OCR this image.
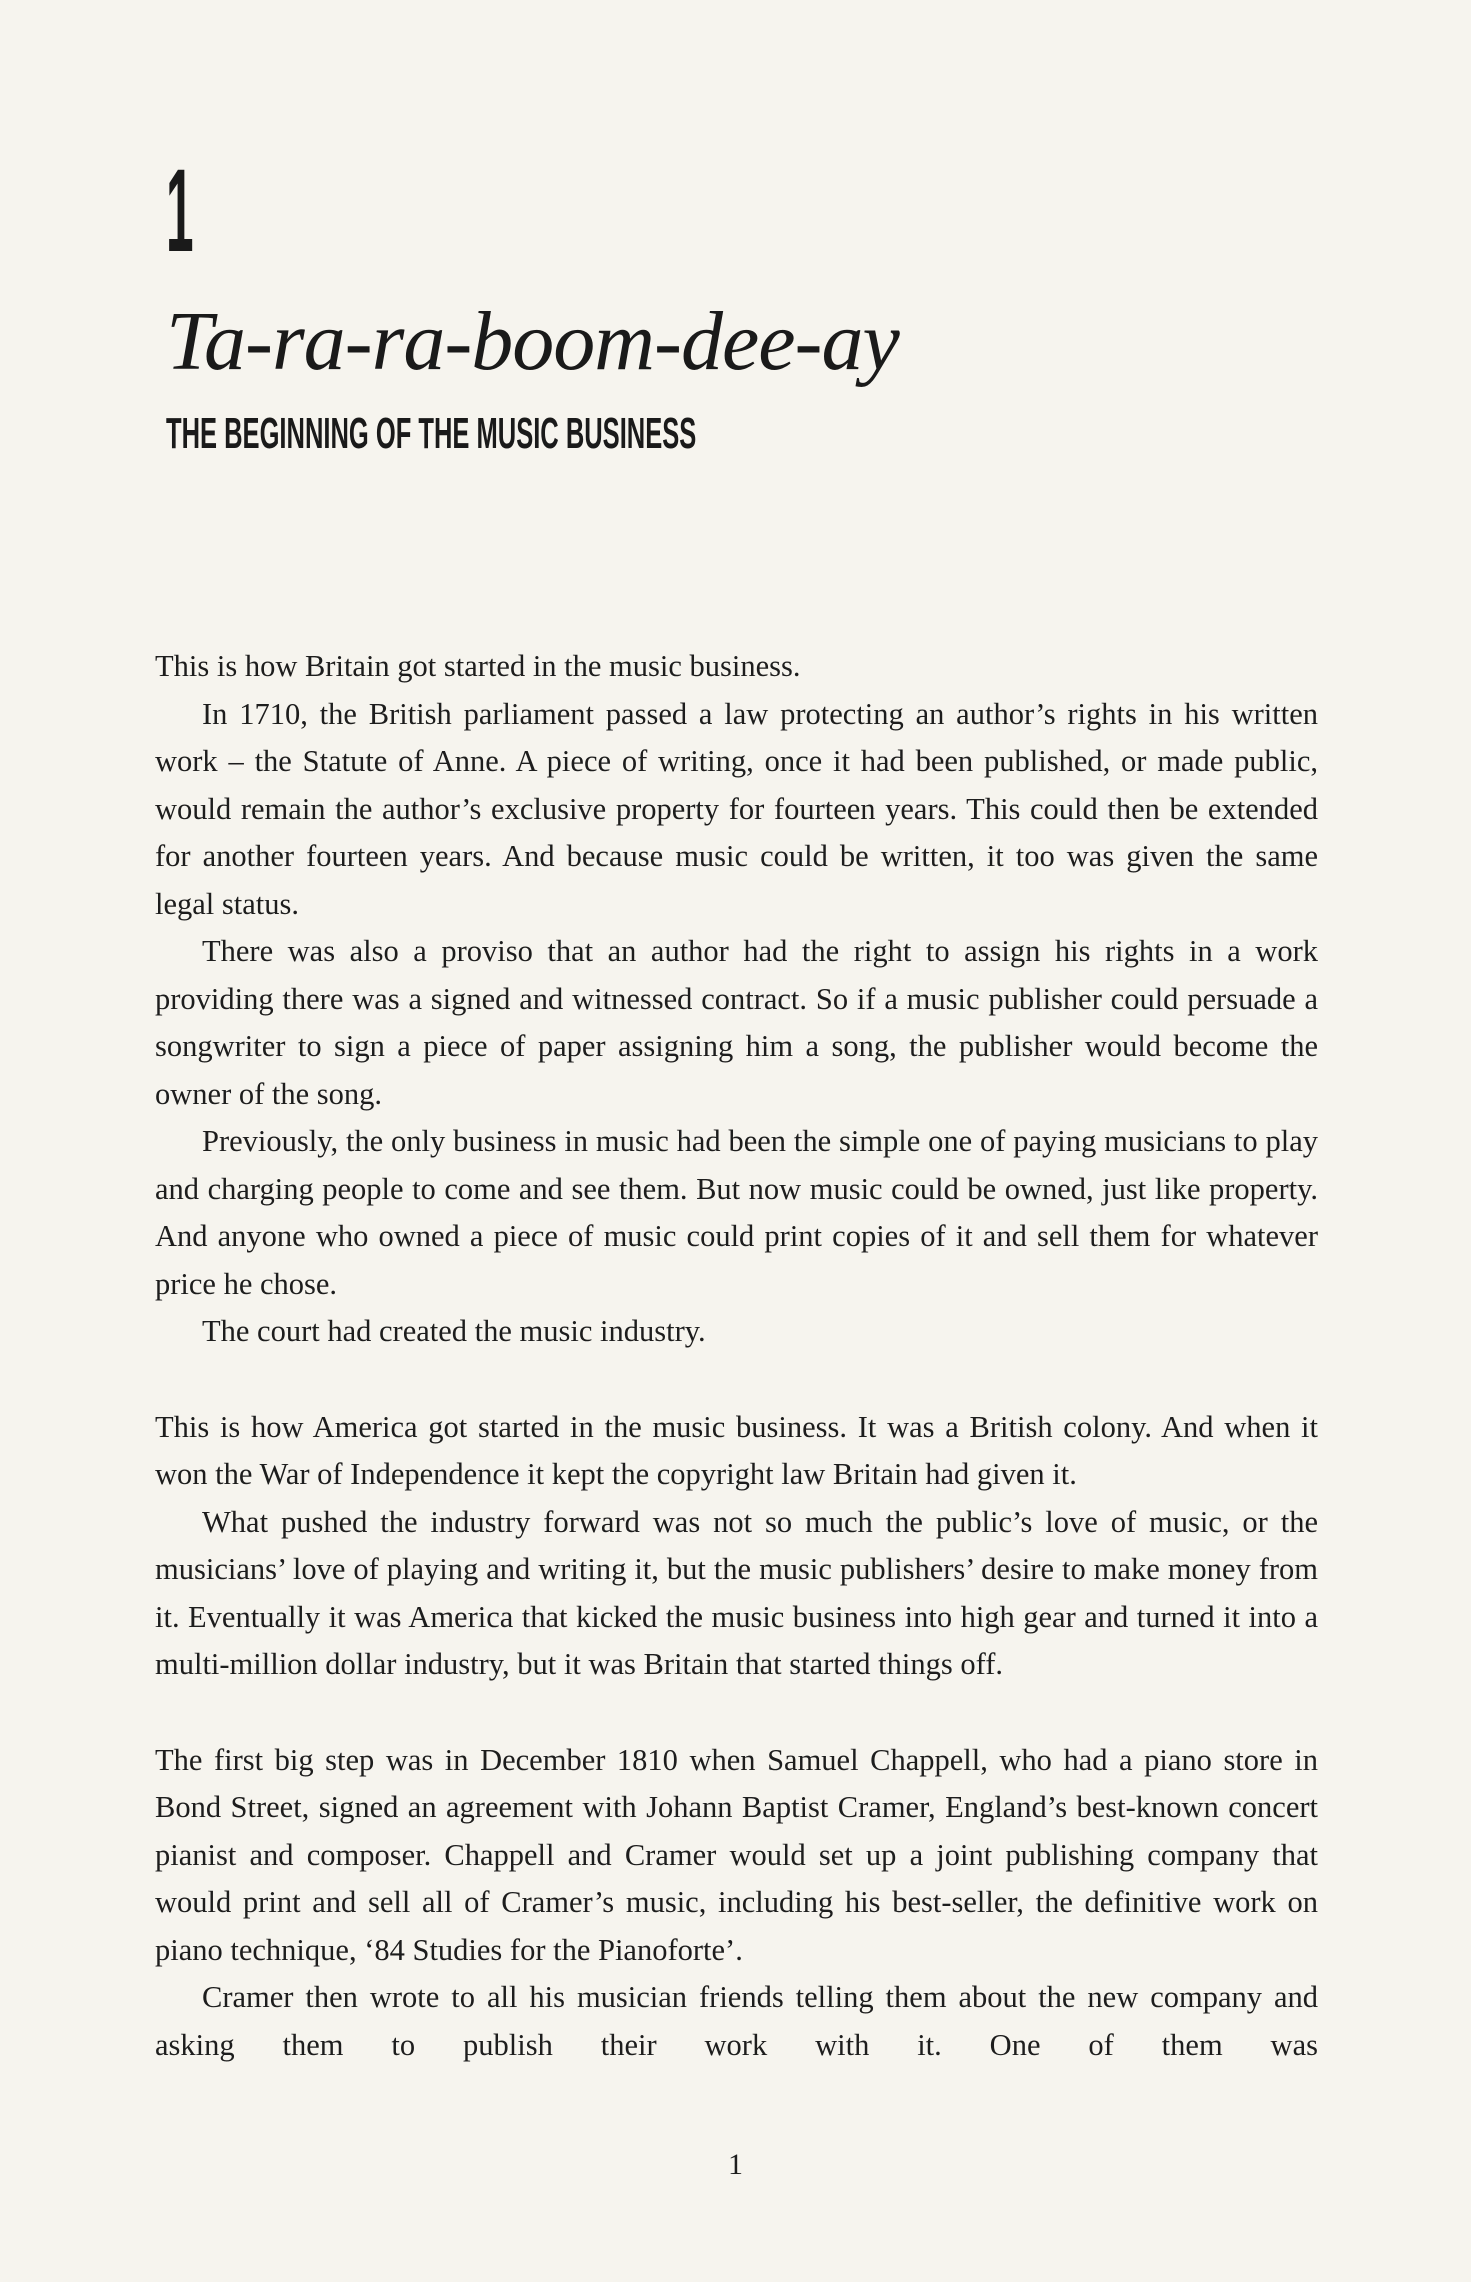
1
Ta-ra-ra-boom-dee-ay
THE BEGINNING OF THE MUSIC BUSINESS

This is how Britain got started in the music business.

In 1710, the British parliament passed a law protecting an author’s rights in his written work – the Statute of Anne. A piece of writing, once it had been published, or made public, would remain the author’s exclusive property for fourteen years. This could then be extended for another fourteen years. And because music could be written, it too was given the same legal status.

There was also a proviso that an author had the right to assign his rights in a work providing there was a signed and witnessed contract. So if a music publisher could persuade a songwriter to sign a piece of paper assigning him a song, the publisher would become the owner of the song.

Previously, the only business in music had been the simple one of paying musicians to play and charging people to come and see them. But now music could be owned, just like property. And anyone who owned a piece of music could print copies of it and sell them for whatever price he chose.

The court had created the music industry.

This is how America got started in the music business. It was a British colony. And when it won the War of Independence it kept the copyright law Britain had given it.

What pushed the industry forward was not so much the public’s love of music, or the musicians’ love of playing and writing it, but the music publishers’ desire to make money from it. Eventually it was America that kicked the music business into high gear and turned it into a multi-million dollar industry, but it was Britain that started things off.

The first big step was in December 1810 when Samuel Chappell, who had a piano store in Bond Street, signed an agreement with Johann Baptist Cramer, England’s best-known concert pianist and composer. Chappell and Cramer would set up a joint publishing company that would print and sell all of Cramer’s music, including his best-seller, the definitive work on piano technique, ‘84 Studies for the Pianoforte’.

Cramer then wrote to all his musician friends telling them about the new company and asking them to publish their work with it. One of them was

1
